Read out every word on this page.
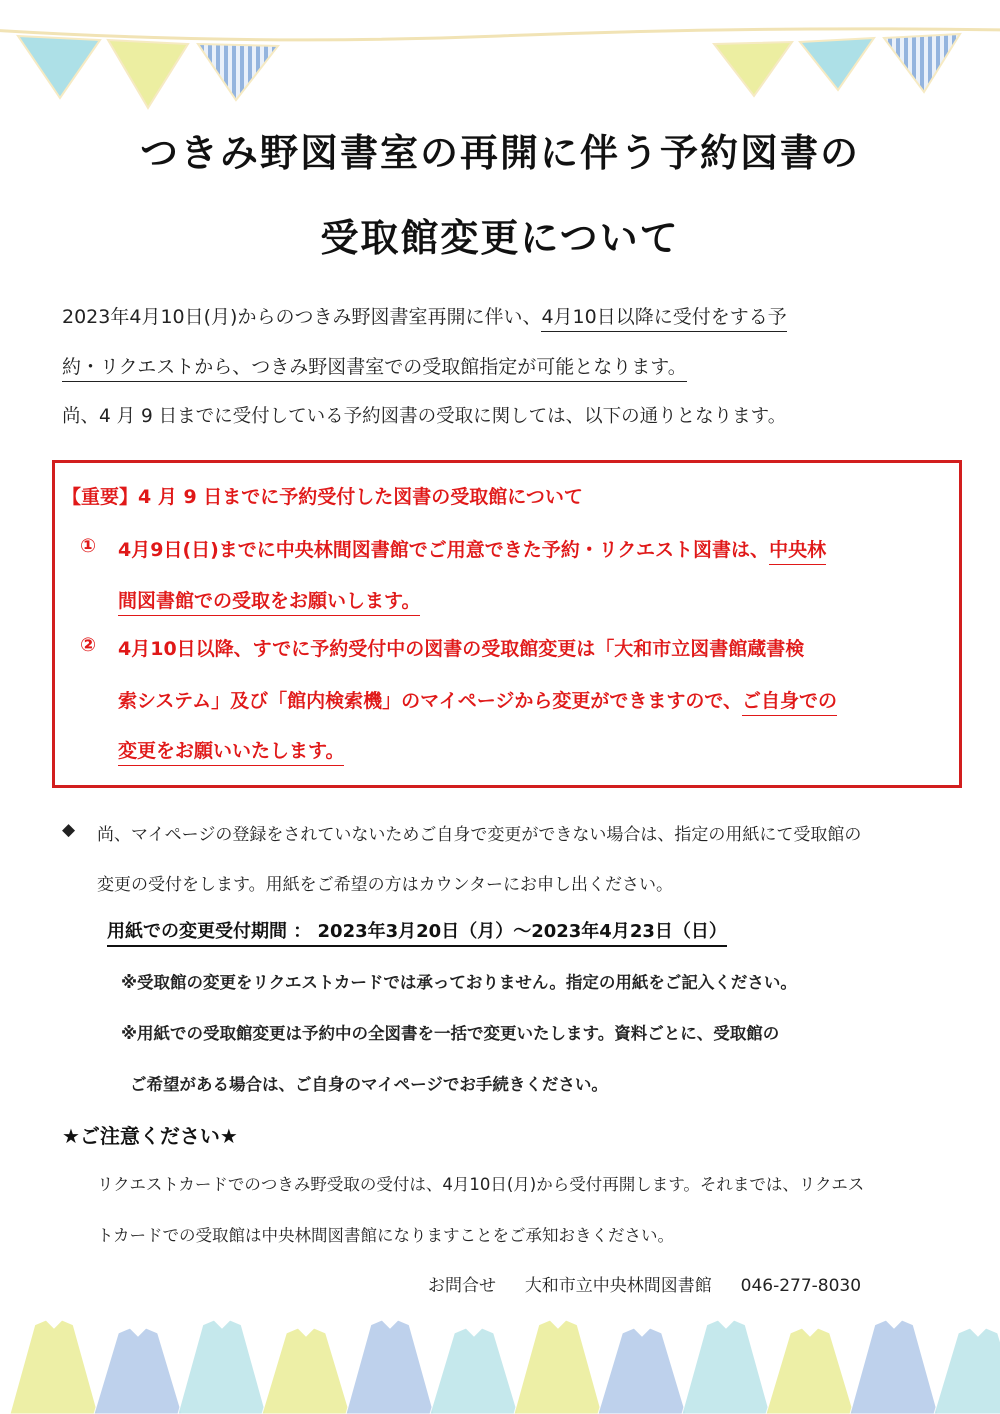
つきみ野図書室の再開に伴う予約図書の
受取館変更について
2023年4月10日(月)からのつきみ野図書室再開に伴い、4月10日以降に受付をする予
約・リクエストから、つきみ野図書室での受取館指定が可能となります。
尚、4 月 9 日までに受付している予約図書の受取に関しては、以下の通りとなります。
【重要】4 月 9 日までに予約受付した図書の受取館について
① 4月9日(日)までに中央林間図書館でご用意できた予約・リクエスト図書は、中央林
間図書館での受取をお願いします。
② 4月10日以降、すでに予約受付中の図書の受取館変更は「大和市立図書館蔵書検
索システム」及び「館内検索機」のマイページから変更ができますので、ご自身での
変更をお願いいたします。
◆ 尚、マイページの登録をされていないためご自身で変更ができない場合は、指定の用紙にて受取館の
変更の受付をします。用紙をご希望の方はカウンターにお申し出ください。
用紙での変更受付期間 ： 2023年3月20日（月）～2023年4月23日（日）
※受取館の変更をリクエストカードでは承っておりません。指定の用紙をご記入ください。
※用紙での受取館変更は予約中の全図書を一括で変更いたします。資料ごとに、受取館の
ご希望がある場合は、ご自身のマイページでお手続きください。
★ご注意ください★
リクエストカードでのつきみ野受取の受付は、4月10日(月)から受付再開します。それまでは、リクエス
トカードでの受取館は中央林間図書館になりますことをご承知おきください。
お問合せ 大和市立中央林間図書館 046-277-8030
